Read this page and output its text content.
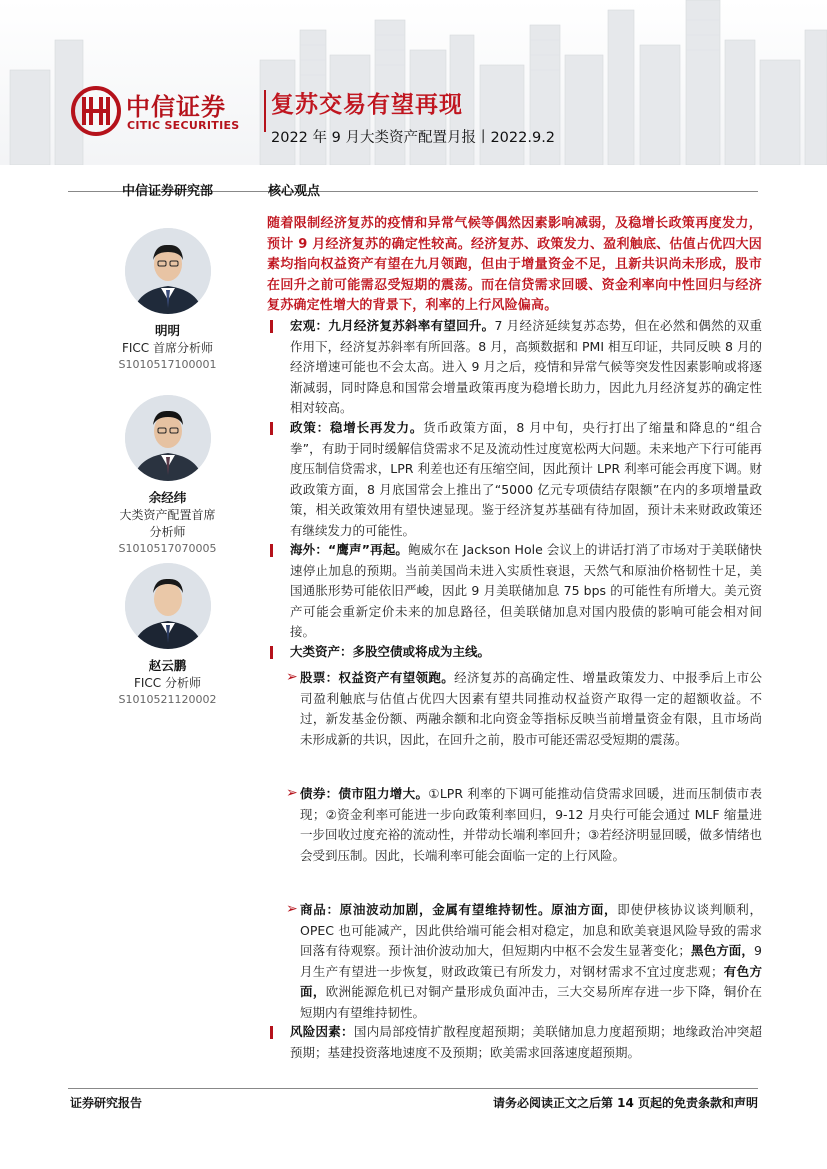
中信证券
CITIC SECURITIES
复苏交易有望再现
2022 年 9 月大类资产配置月报丨2022.9.2
中信证券研究部	核心观点
明明
FICC 首席分析师
S1010517100001
余经纬
大类资产配置首席
分析师
S1010517070005
赵云鹏
FICC 分析师
S1010521120002
随着限制经济复苏的疫情和异常气候等偶然因素影响减弱，及稳增长政策再度发力，预计 9 月经济复苏的确定性较高。经济复苏、政策发力、盈利触底、估值占优四大因素均指向权益资产有望在九月领跑，但由于增量资金不足，且新共识尚未形成，股市在回升之前可能需忍受短期的震荡。而在信贷需求回暖、资金利率向中性回归与经济复苏确定性增大的背景下，利率的上行风险偏高。
宏观：九月经济复苏斜率有望回升。7 月经济延续复苏态势，但在必然和偶然的双重作用下，经济复苏斜率有所回落。8 月，高频数据和 PMI 相互印证，共同反映 8 月的经济增速可能也不会太高。进入 9 月之后，疫情和异常气候等突发性因素影响或将逐渐减弱，同时降息和国常会增量政策再度为稳增长助力，因此九月经济复苏的确定性相对较高。
政策：稳增长再发力。货币政策方面，8 月中旬，央行打出了缩量和降息的“组合拳”，有助于同时缓解信贷需求不足及流动性过度宽松两大问题。未来地产下行可能再度压制信贷需求，LPR 利差也还有压缩空间，因此预计 LPR 利率可能会再度下调。财政政策方面，8 月底国常会上推出了“5000 亿元专项债结存限额”在内的多项增量政策，相关政策效用有望快速显现。鉴于经济复苏基础有待加固，预计未来财政政策还有继续发力的可能性。
海外：“鹰声”再起。鲍威尔在 Jackson Hole 会议上的讲话打消了市场对于美联储快速停止加息的预期。当前美国尚未进入实质性衰退，天然气和原油价格韧性十足，美国通胀形势可能依旧严峻，因此 9 月美联储加息 75 bps 的可能性有所增大。美元资产可能会重新定价未来的加息路径，但美联储加息对国内股债的影响可能会相对间接。
大类资产：多股空债或将成为主线。
➢ 股票：权益资产有望领跑。经济复苏的高确定性、增量政策发力、中报季后上市公司盈利触底与估值占优四大因素有望共同推动权益资产取得一定的超额收益。不过，新发基金份额、两融余额和北向资金等指标反映当前增量资金有限，且市场尚未形成新的共识，因此，在回升之前，股市可能还需忍受短期的震荡。
➢ 债券：债市阻力增大。①LPR 利率的下调可能推动信贷需求回暖，进而压制债市表现；②资金利率可能进一步向政策利率回归，9-12 月央行可能会通过 MLF 缩量进一步回收过度充裕的流动性，并带动长端利率回升；③若经济明显回暖，做多情绪也会受到压制。因此，长端利率可能会面临一定的上行风险。
➢ 商品：原油波动加剧，金属有望维持韧性。原油方面，即使伊核协议谈判顺利，OPEC 也可能减产，因此供给端可能会相对稳定，加息和欧美衰退风险导致的需求回落有待观察。预计油价波动加大，但短期内中枢不会发生显著变化；黑色方面，9 月生产有望进一步恢复，财政政策已有所发力，对钢材需求不宜过度悲观；有色方面，欧洲能源危机已对铜产量形成负面冲击，三大交易所库存进一步下降，铜价在短期内有望维持韧性。
风险因素：国内局部疫情扩散程度超预期；美联储加息力度超预期；地缘政治冲突超预期；基建投资落地速度不及预期；欧美需求回落速度超预期。
证券研究报告	请务必阅读正文之后第 14 页起的免责条款和声明
